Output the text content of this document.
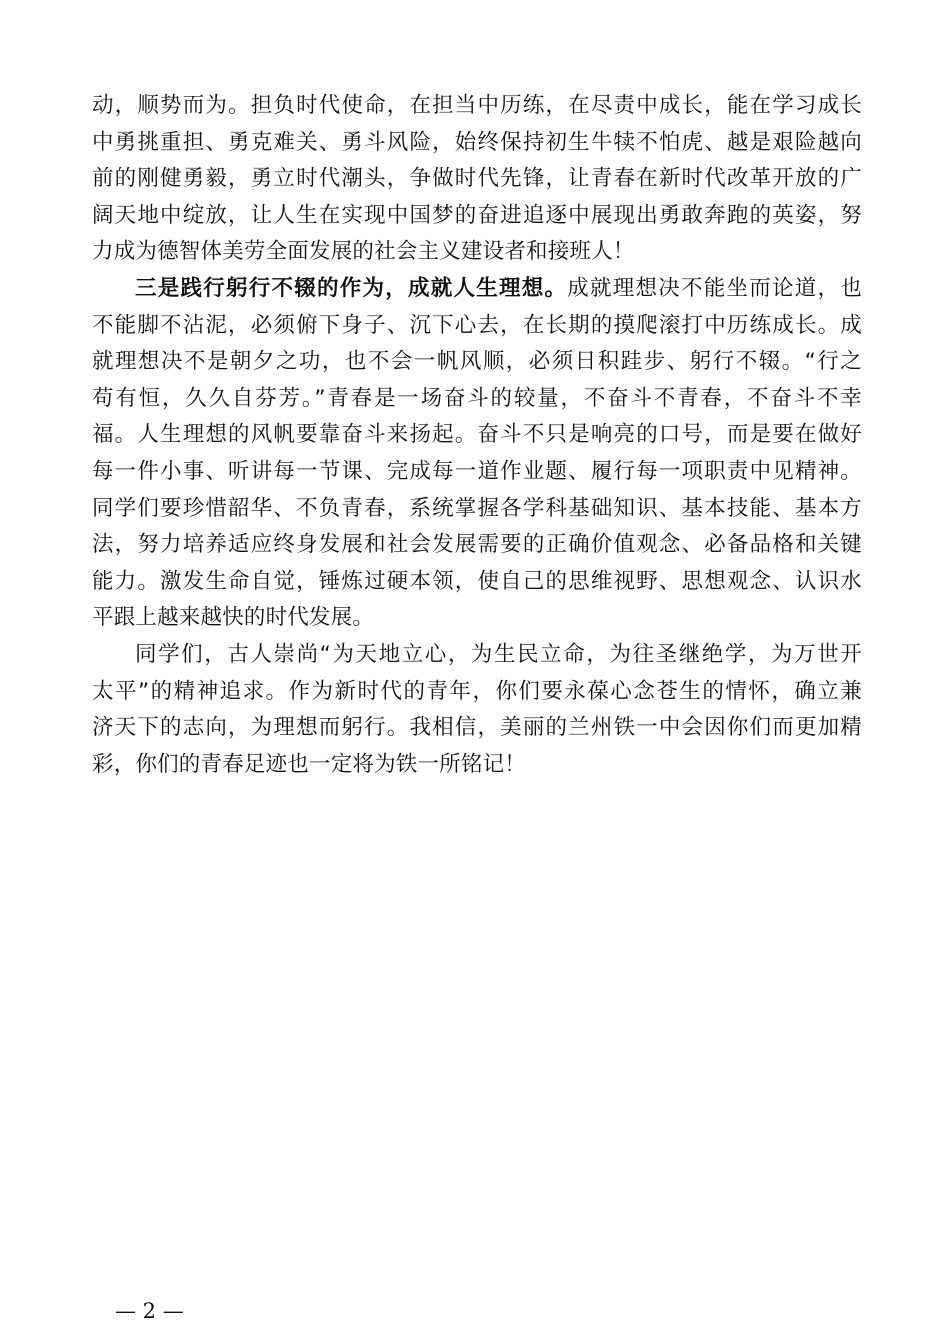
动，顺势而为。担负时代使命，在担当中历练，在尽责中成长，能在学习成长
中勇挑重担、勇克难关、勇斗风险，始终保持初生牛犊不怕虎、越是艰险越向
前的刚健勇毅，勇立时代潮头，争做时代先锋，让青春在新时代改革开放的广
阔天地中绽放，让人生在实现中国梦的奋进追逐中展现出勇敢奔跑的英姿，努
力成为德智体美劳全面发展的社会主义建设者和接班人！
三是践行躬行不辍的作为，成就人生理想。成就理想决不能坐而论道，也
不能脚不沾泥，必须俯下身子、沉下心去，在长期的摸爬滚打中历练成长。成
就理想决不是朝夕之功，也不会一帆风顺，必须日积跬步、躬行不辍。“行之
苟有恒，久久自芬芳。”青春是一场奋斗的较量，不奋斗不青春，不奋斗不幸
福。人生理想的风帆要靠奋斗来扬起。奋斗不只是响亮的口号，而是要在做好
每一件小事、听讲每一节课、完成每一道作业题、履行每一项职责中见精神。
同学们要珍惜韶华、不负青春，系统掌握各学科基础知识、基本技能、基本方
法，努力培养适应终身发展和社会发展需要的正确价值观念、必备品格和关键
能力。激发生命自觉，锤炼过硬本领，使自己的思维视野、思想观念、认识水
平跟上越来越快的时代发展。
同学们，古人崇尚“为天地立心，为生民立命，为往圣继绝学，为万世开
太平”的精神追求。作为新时代的青年，你们要永葆心念苍生的情怀，确立兼
济天下的志向，为理想而躬行。我相信，美丽的兰州铁一中会因你们而更加精
彩，你们的青春足迹也一定将为铁一所铭记！
— 2 —
